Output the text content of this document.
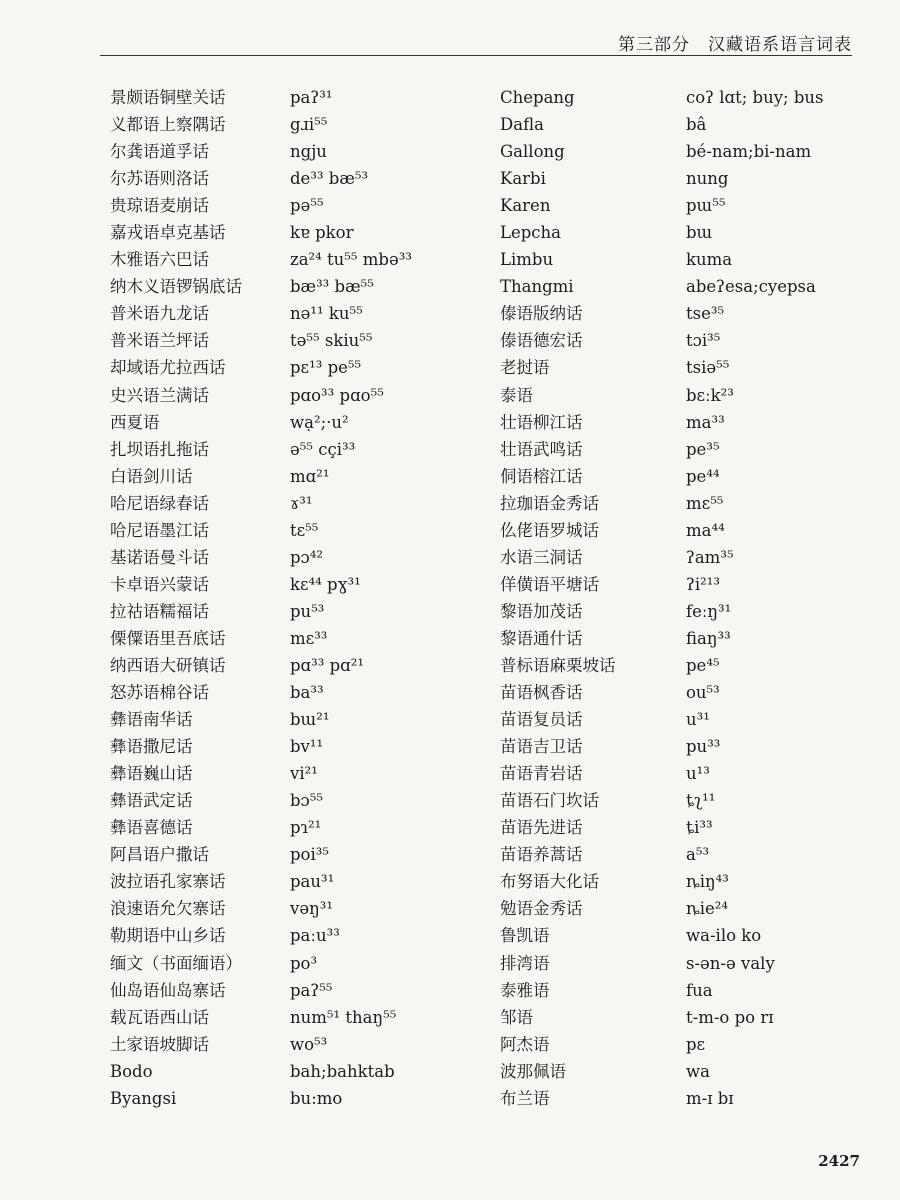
第三部分　汉藏语系语言词表
景颇语铜壁关话
义都语上察隅话
尔龚语道孚话
尔苏语则洛话
贵琼语麦崩话
嘉戎语卓克基话
木雅语六巴话
纳木义语锣锅底话
普米语九龙话
普米语兰坪话
却域语尤拉西话
史兴语兰满话
西夏语
扎坝语扎拖话
白语剑川话
哈尼语绿春话
哈尼语墨江话
基诺语曼斗话
卡卓语兴蒙话
拉祜语糯福话
傈僳语里吾底话
纳西语大研镇话
怒苏语棉谷话
彝语南华话
彝语撒尼话
彝语巍山话
彝语武定话
彝语喜德话
阿昌语户撒话
波拉语孔家寨话
浪速语允欠寨话
勒期语中山乡话
缅文（书面缅语）
仙岛语仙岛寨话
载瓦语西山话
土家语坡脚话
Bodo
Byangsi
paʔ³¹
gɹi⁵⁵
ngju
de³³ bæ⁵³
pə⁵⁵
kɐ pkor
za²⁴ tu⁵⁵ mbə³³
bæ³³ bæ⁵⁵
nə¹¹ ku⁵⁵
tə⁵⁵ skiu⁵⁵
pɛ¹³ pe⁵⁵
pɑo³³ pɑo⁵⁵
wạ²;·u²
ə⁵⁵ cçi³³
mɑ²¹
ɤ³¹
tɛ⁵⁵
pɔ⁴²
kɛ⁴⁴ pɣ³¹
pu⁵³
mɛ³³
pɑ³³ pɑ²¹
ba³³
bɯ²¹
bv¹¹
vi²¹
bɔ⁵⁵
pɿ²¹
poi³⁵
pau³¹
vəŋ³¹
paːu³³
po³
paʔ⁵⁵
num⁵¹ thaŋ⁵⁵
wo⁵³
bah;bahktab
bu:mo
Chepang
Dafla
Gallong
Karbi
Karen
Lepcha
Limbu
Thangmi
傣语版纳话
傣语德宏话
老挝语
泰语
壮语柳江话
壮语武鸣话
侗语榕江话
拉珈语金秀话
仫佬语罗城话
水语三洞话
佯僙语平塘话
黎语加茂话
黎语通什话
普标语麻栗坡话
苗语枫香话
苗语复员话
苗语吉卫话
苗语青岩话
苗语石门坎话
苗语先进话
苗语养蒿话
布努语大化话
勉语金秀话
鲁凯语
排湾语
泰雅语
邹语
阿杰语
波那佩语
布兰语
coʔ lɑt; buy; bus
bâ
bé-nam;bi-nam
nung
pɯ⁵⁵
bɯ
kuma
abeʔesa;cyepsa
tse³⁵
tɔi³⁵
tsiə⁵⁵
bɛːk²³
ma³³
pe³⁵
pe⁴⁴
mɛ⁵⁵
ma⁴⁴
ʔam³⁵
ʔi²¹³
feːŋ³¹
fiaŋ³³
pe⁴⁵
ou⁵³
u³¹
pu³³
u¹³
ȶʅ¹¹
ȶi³³
a⁵³
ȵiŋ⁴³
ȵie²⁴
wa-ilo ko
s-ən-ə valy
fua
t-m-o po rɪ
pɛ
wa
m-ɪ bɪ
2427
